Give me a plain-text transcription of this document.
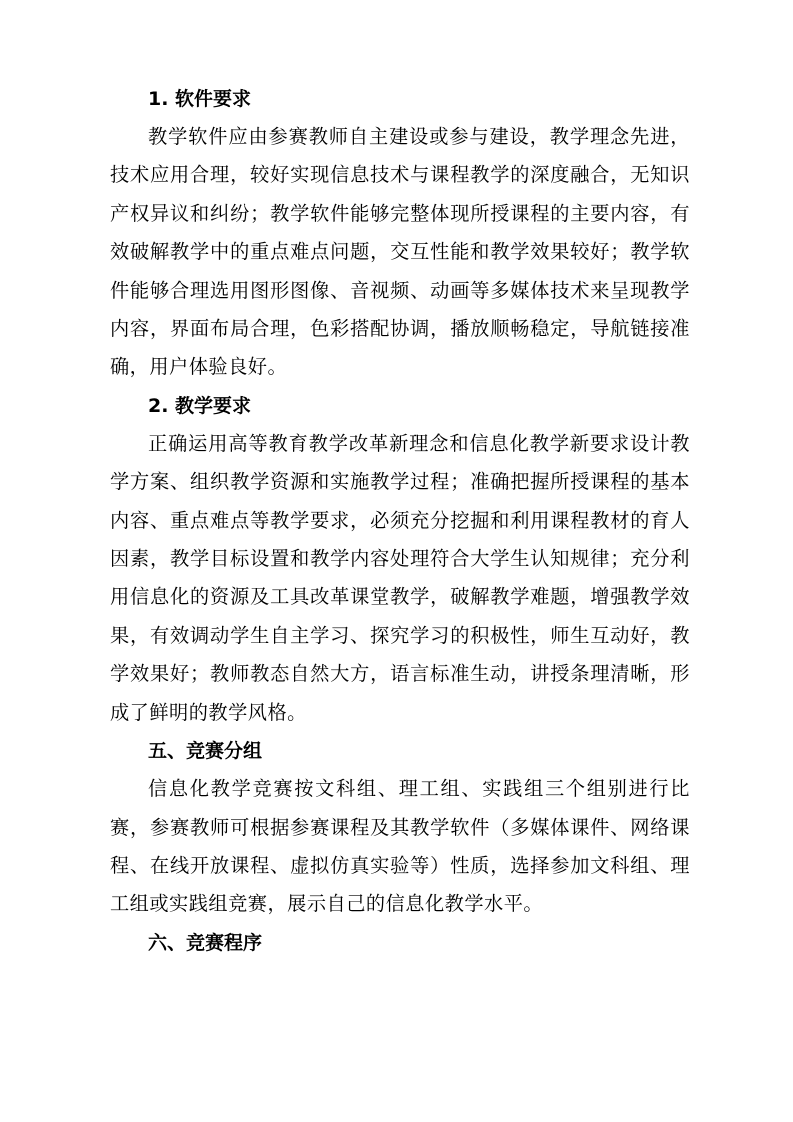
1. 软件要求

教学软件应由参赛教师自主建设或参与建设，教学理念先进，技术应用合理，较好实现信息技术与课程教学的深度融合，无知识产权异议和纠纷；教学软件能够完整体现所授课程的主要内容，有效破解教学中的重点难点问题，交互性能和教学效果较好；教学软件能够合理选用图形图像、音视频、动画等多媒体技术来呈现教学内容，界面布局合理，色彩搭配协调，播放顺畅稳定，导航链接准确，用户体验良好。

2. 教学要求

正确运用高等教育教学改革新理念和信息化教学新要求设计教学方案、组织教学资源和实施教学过程；准确把握所授课程的基本内容、重点难点等教学要求，必须充分挖掘和利用课程教材的育人因素，教学目标设置和教学内容处理符合大学生认知规律；充分利用信息化的资源及工具改革课堂教学，破解教学难题，增强教学效果，有效调动学生自主学习、探究学习的积极性，师生互动好，教学效果好；教师教态自然大方，语言标准生动，讲授条理清晰，形成了鲜明的教学风格。

五、竞赛分组

信息化教学竞赛按文科组、理工组、实践组三个组别进行比赛，参赛教师可根据参赛课程及其教学软件（多媒体课件、网络课程、在线开放课程、虚拟仿真实验等）性质，选择参加文科组、理工组或实践组竞赛，展示自己的信息化教学水平。

六、竞赛程序
